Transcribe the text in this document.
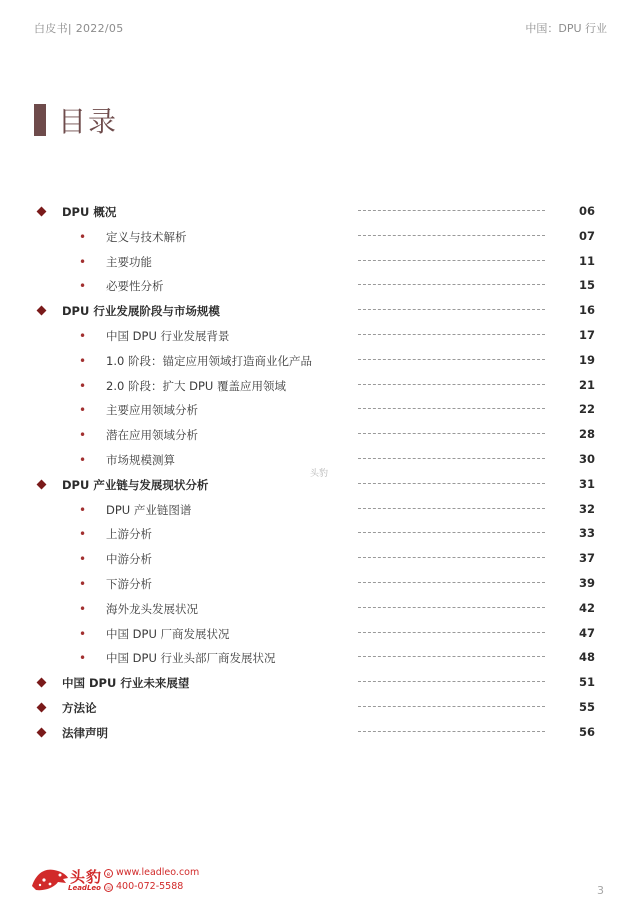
白皮书| 2022/05	中国：DPU 行业
目录
DPU 概况	06
• 定义与技术解析	07
• 主要功能	11
• 必要性分析	15
DPU 行业发展阶段与市场规模	16
• 中国 DPU 行业发展背景	17
• 1.0 阶段：锚定应用领域打造商业化产品	19
• 2.0 阶段：扩大 DPU 覆盖应用领域	21
• 主要应用领域分析	22
• 潜在应用领域分析	28
• 市场规模测算	30
DPU 产业链与发展现状分析	31
• DPU 产业链图谱	32
• 上游分析	33
• 中游分析	37
• 下游分析	39
• 海外龙头发展状况	42
• 中国 DPU 厂商发展状况	47
• 中国 DPU 行业头部厂商发展状况	48
中国 DPU 行业未来展望	51
方法论	55
法律声明	56
头豹
头豹
LeadLeo
e www.leadleo.com
☏ 400-072-5588	3
